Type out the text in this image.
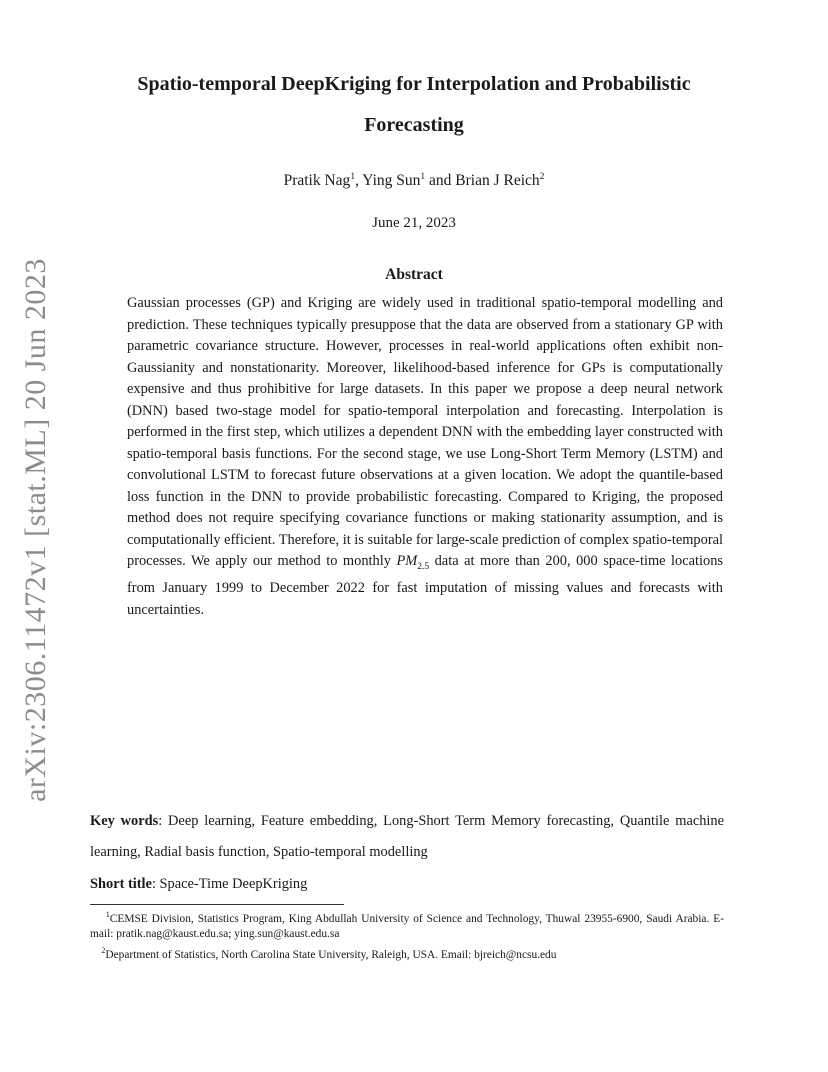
arXiv:2306.11472v1 [stat.ML] 20 Jun 2023
Spatio-temporal DeepKriging for Interpolation and Probabilistic Forecasting
Pratik Nag$^1$, Ying Sun$^1$ and Brian J Reich$^2$
June 21, 2023
Abstract

Gaussian processes (GP) and Kriging are widely used in traditional spatio-temporal modelling and prediction. These techniques typically presuppose that the data are observed from a stationary GP with parametric covariance structure. However, processes in real-world applications often exhibit non-Gaussianity and nonstationarity. Moreover, likelihood-based inference for GPs is computationally expensive and thus prohibitive for large datasets. In this paper we propose a deep neural network (DNN) based two-stage model for spatio-temporal interpolation and forecasting. Interpolation is performed in the first step, which utilizes a dependent DNN with the embedding layer constructed with spatio-temporal basis functions. For the second stage, we use Long-Short Term Memory (LSTM) and convolutional LSTM to forecast future observations at a given location. We adopt the quantile-based loss function in the DNN to provide probabilistic forecasting. Compared to Kriging, the proposed method does not require specifying covariance functions or making stationarity assumption, and is computationally efficient. Therefore, it is suitable for large-scale prediction of complex spatio-temporal processes. We apply our method to monthly $PM_{2.5}$ data at more than 200, 000 space-time locations from January 1999 to December 2022 for fast imputation of missing values and forecasts with uncertainties.

Key words: Deep learning, Feature embedding, Long-Short Term Memory forecasting, Quantile machine learning, Radial basis function, Spatio-temporal modelling

Short title: Space-Time DeepKriging

$^1$CEMSE Division, Statistics Program, King Abdullah University of Science and Technology, Thuwal 23955-6900, Saudi Arabia. E-mail: pratik.nag@kaust.edu.sa; ying.sun@kaust.edu.sa

$^2$Department of Statistics, North Carolina State University, Raleigh, USA. Email: bjreich@ncsu.edu
